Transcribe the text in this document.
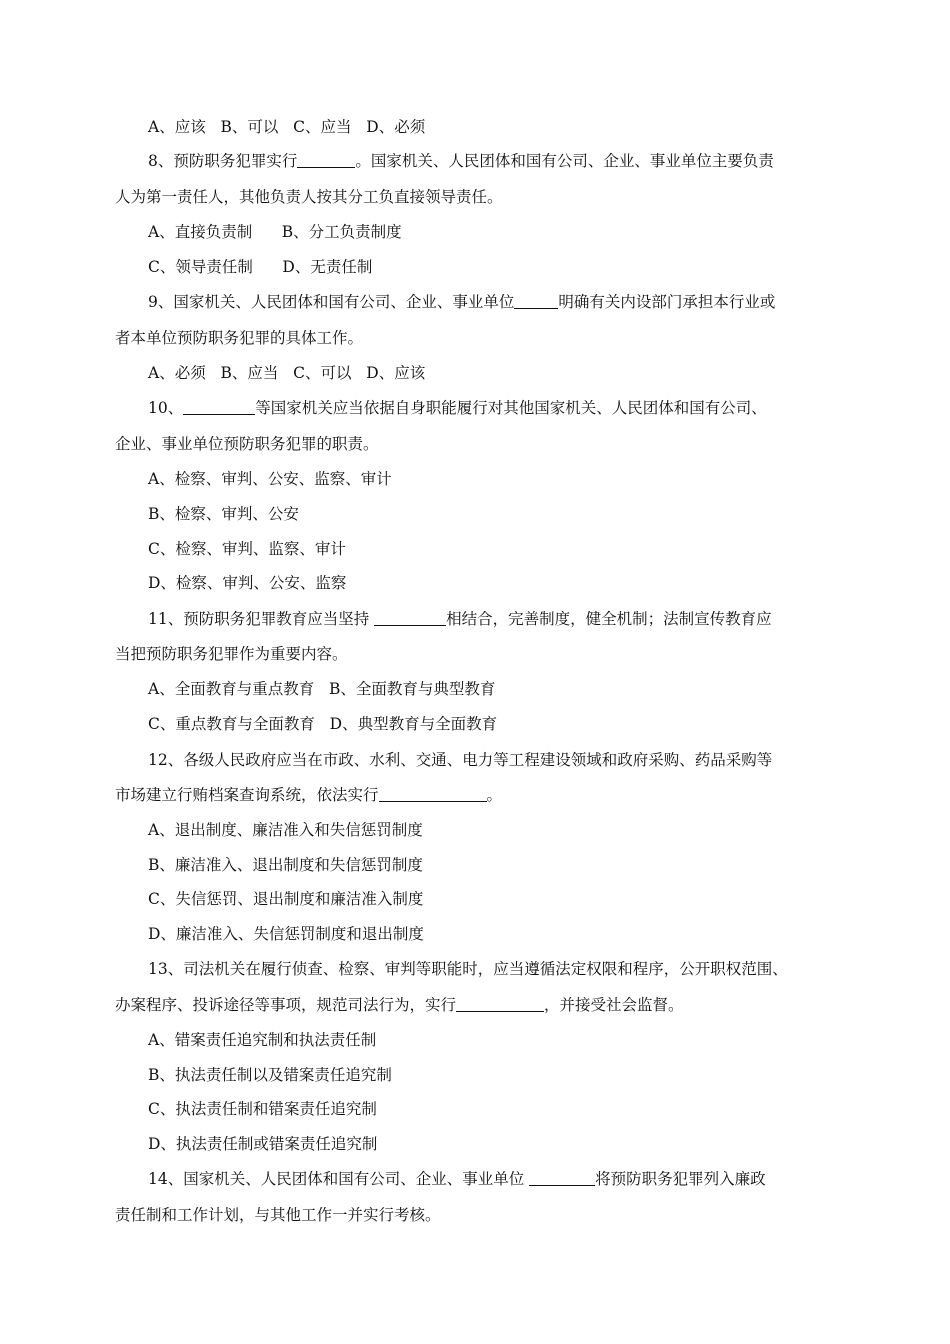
A、应该   B、可以   C、应当   D、必须
8、预防职务犯罪实行	。国家机关、人民团体和国有公司、企业、事业单位主要负责
人为第一责任人，其他负责人按其分工负直接领导责任。
A、直接负责制      B、分工负责制度
C、领导责任制      D、无责任制
9、国家机关、人民团体和国有公司、企业、事业单位	明确有关内设部门承担本行业或
者本单位预防职务犯罪的具体工作。
A、必须   B、应当   C、可以   D、应该
10、	等国家机关应当依据自身职能履行对其他国家机关、人民团体和国有公司、
企业、事业单位预防职务犯罪的职责。
A、检察、审判、公安、监察、审计
B、检察、审判、公安
C、检察、审判、监察、审计
D、检察、审判、公安、监察
11、预防职务犯罪教育应当坚持	相结合，完善制度，健全机制；法制宣传教育应
当把预防职务犯罪作为重要内容。
A、全面教育与重点教育   B、全面教育与典型教育
C、重点教育与全面教育   D、典型教育与全面教育
12、各级人民政府应当在市政、水利、交通、电力等工程建设领域和政府采购、药品采购等
市场建立行贿档案查询系统，依法实行	。
A、退出制度、廉洁准入和失信惩罚制度
B、廉洁准入、退出制度和失信惩罚制度
C、失信惩罚、退出制度和廉洁准入制度
D、廉洁准入、失信惩罚制度和退出制度
13、司法机关在履行侦查、检察、审判等职能时，应当遵循法定权限和程序，公开职权范围、
办案程序、投诉途径等事项，规范司法行为，实行	，并接受社会监督。
A、错案责任追究制和执法责任制
B、执法责任制以及错案责任追究制
C、执法责任制和错案责任追究制
D、执法责任制或错案责任追究制
14、国家机关、人民团体和国有公司、企业、事业单位	将预防职务犯罪列入廉政
责任制和工作计划，与其他工作一并实行考核。
